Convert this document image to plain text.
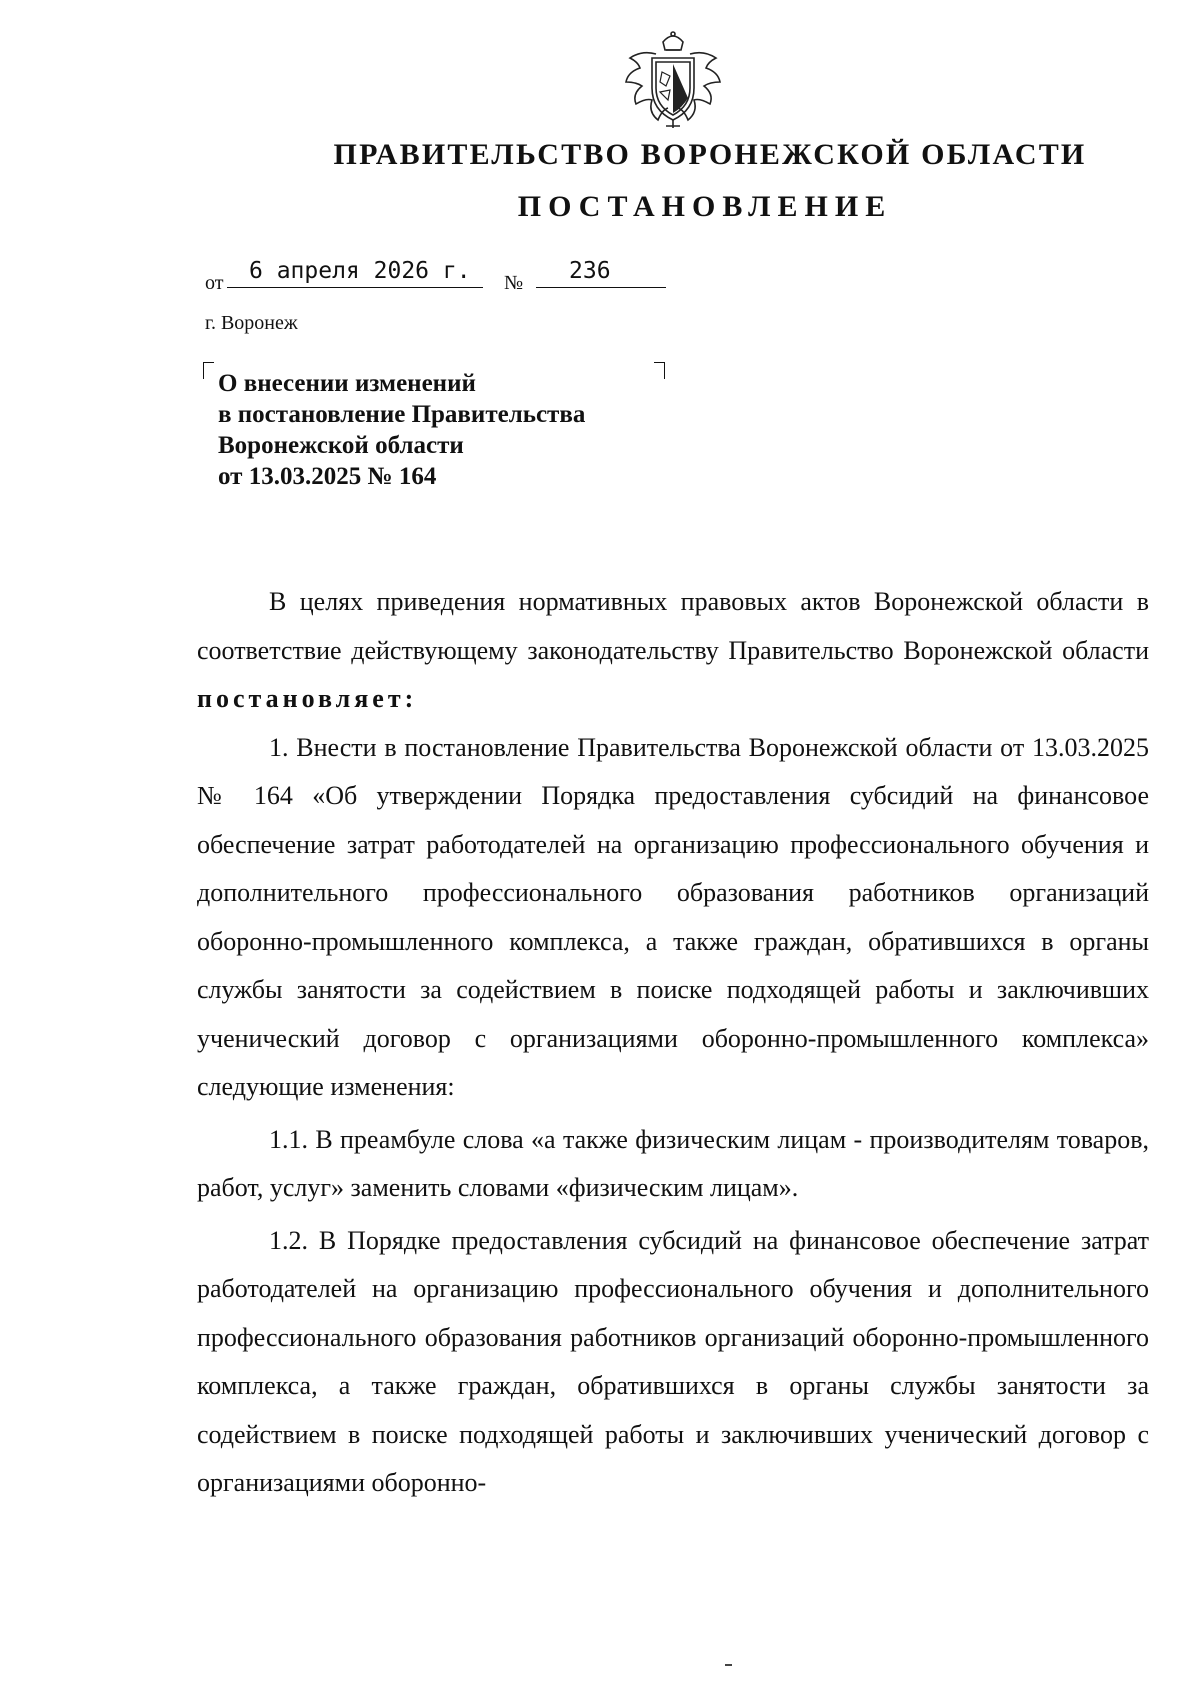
ПРАВИТЕЛЬСТВО ВОРОНЕЖСКОЙ ОБЛАСТИ
ПОСТАНОВЛЕНИЕ
от	6 апреля 2026 г.	№	236
г. Воронеж
О внесении изменений
в постановление Правительства
Воронежской области
от 13.03.2025 № 164

В целях приведения нормативных правовых актов Воронежской области в соответствие действующему законодательству Правительство Воронежской области постановляет:

1. Внести в постановление Правительства Воронежской области от 13.03.2025 № 164 «Об утверждении Порядка предоставления субсидий на финансовое обеспечение затрат работодателей на организацию профессионального обучения и дополнительного профессионального образования работников организаций оборонно-промышленного комплекса, а также граждан, обратившихся в органы службы занятости за содействием в поиске подходящей работы и заключивших ученический договор с организациями оборонно-промышленного комплекса» следующие изменения:

1.1. В преамбуле слова «а также физическим лицам - производителям товаров, работ, услуг» заменить словами «физическим лицам».

1.2. В Порядке предоставления субсидий на финансовое обеспечение затрат работодателей на организацию профессионального обучения и дополнительного профессионального образования работников организаций оборонно-промышленного комплекса, а также граждан, обратившихся в органы службы занятости за содействием в поиске подходящей работы и заключивших ученический договор с организациями оборонно-
